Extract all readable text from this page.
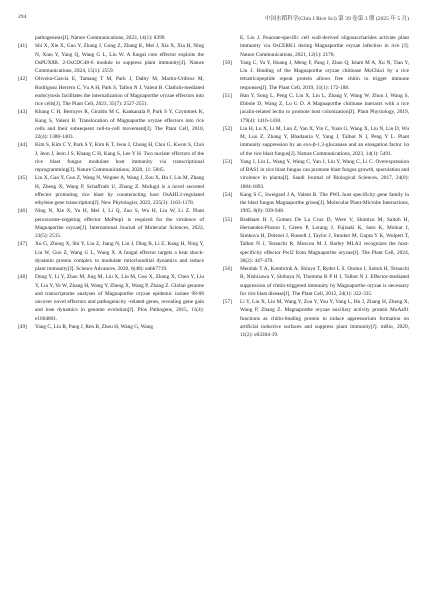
294	中国水稻科学(Chin J Rice Sci) 第 39 卷第 3 期 (2025 年 5 月)
pathogenesis[J]. Nature Communications, 2023, 14(1): 8399.
[41]	Shi X, Xie X, Guo Y, Zhang J, Gong Z, Zhang K, Mei J, Xia X, Xia H, Ning N, Xiao Y, Yang Q, Wang G L, Liu W. A fungal core effector exploits the OsPUX8B. 2-OsCDC48-6 module to suppress plant immunity[J]. Nature Communications, 2024, 15(1): 2559.
[42]	Oliveira-Garcia E, Tamang T M, Park J, Dalby M, Martin-Urdiroz M, Rodriguez Herrero C, Vu A H, Park S, Talbot N J, Valent B. Clathrin-mediated endocytosis facilitates the internalization of Magnaporthe oryzae effectors into rice cells[J]. The Plant Cell, 2023, 35(7): 2527-2551.
[43]	Khang C H, Berruyer R, Giraldo M C, Kankanala P, Park S Y, Czymmek K, Kang S, Valent B. Translocation of Magnaporthe oryzae effectors into rice cells and their subsequent cell-to-cell movement[J]. The Plant Cell, 2010, 22(4): 1388-1403.
[44]	Kim S, Kim C Y, Park S Y, Kim K T, Jeon J, Chung H, Choi G, Kwon S, Choi J, Jeon J, Jeon J S, Khang C H, Kang S, Lee Y H. Two nuclear effectors of the rice blast fungus modulate host immunity via transcriptional reprogramming[J]. Nature Communications, 2020, 11: 5845.
[45]	Liu X, Gao Y, Guo Z, Wang N, Wegner A, Wang J, Zou X, Hu J, Liu M, Zhang H, Zheng X, Wang P, Schaffrath U, Zhang Z. MoIug4 is a novel secreted effector promoting rice blast by counteracting host OsAHL1-regulated ethylene gene transcription[J]. New Phytologist, 2022, 235(3): 1163-1178.
[46]	Ning N, Xie X, Yu H, Mei J, Li Q, Zuo S, Wu H, Liu W, Li Z. Plant peroxisome-targeting effector MoPtep1 is required for the virulence of Magnaporthe oryzae[J]. International Journal of Molecular Sciences, 2022, 23(5): 2515.
[47]	Xu G, Zhong X, Shi Y, Liu Z, Jiang N, Liu J, Ding B, Li Z, Kang H, Ning Y, Liu W, Guo Z, Wang G L, Wang X. A fungal effector targets a heat shock-dynamin protein complex to modulate mitochondrial dynamics and reduce plant immunity[J]. Science Advances, 2020, 6(48): eabb7719.
[48]	Dong Y, Li Y, Zhao M, Jing M, Liu X, Liu M, Guo X, Zhang X, Chen Y, Liu Y, Liu Y, Ye W, Zhang H, Wang Y, Zheng X, Wang P, Zhang Z. Global genome and transcriptome analyses of Magnaporthe oryzae epidemic isolate 98-06 uncover novel effectors and pathogenicity -related genes, revealing gene gain and lose dynamics in genome evolution[J]. Plos Pathogens, 2015, 11(4): e1004801.
[49]	Yang C, Liu R, Pang J, Ren B, Zhou H, Wang G, Wang
E, Liu J. Poaceae-specific cell wall-derived oligosaccharides activate plant immunity via OsCERK1 during Magnaporthe oryzae infection in rice [J]. Nature Communications, 2021, 12(1): 2178.
[50]	Yang C, Yu Y, Huang J, Meng F, Pang J, Zhao Q, Islam M A, Xu N, Tian Y, Liu J. Binding of the Magnaporthe oryzae chitinase MoChia1 by a rice tetratricopeptide repeat protein allows free chitin to trigger immune responses[J]. The Plant Cell, 2019, 31(1): 172-188.
[51]	Han Y, Song L, Peng C, Liu X, Liu L, Zhang Y, Wang W, Zhou J, Wang S, Ebbole D, Wang Z, Lu G D. A Magnaporthe chitinase interacts with a rice jacalin-related lectin to promote host colonization[J]. Plant Physiology, 2019, 179(4): 1416-1430.
[52]	Liu H, Lu X, Li M, Lun Z, Yan X, Yin C, Yuan G, Wang X, Liu N, Liu D, Wu M, Luo Z, Zhang Y, Bhadauria V, Yang J, Talbot N J, Peng Y L. Plant immunity suppression by an exo-β-1,3-glucanase and an elongation factor 1α of the rice blast fungus[J]. Nature Communications, 2023, 14(1): 5491.
[53]	Yang J, Liu L, Wang Y, Wang C, Yan J, Liu Y, Wang C, Li C. Overexpression of BAS1 in rice blast fungus can promote blast fungus growth, sporulation and virulence in planta[J]. Saudi Journal of Biological Sciences, 2017, 24(8): 1884-1893.
[54]	Kang S C, Sweigard J A, Valent B. The PWL host specificity gene family in the blast fungus Magnaporthe grisea[J]. Molecular Plant-Microbe Interactions, 1995, 8(6): 939-948.
[55]	Brabham H J, Gomez De La Cruz D, Were V, Shimizu M, Saitoh H, Hernandez-Pinzon I, Green P, Lorang J, Fujisaki K, Sato K, Molnar I, Simkova H, Dolezel J, Russell J, Taylor J, Smoker M, Gupta Y K, Wolpert T, Talbot N J, Terauchi R, Moscou M J. Barley MLA3 recognizes the host-specificity effector Pwl2 from Magnaporthe oryzae[J]. The Plant Cell, 2024, 36(2): 447-470.
[56]	Mentlak T A, Kombrink A, Shinya T, Ryder L S, Otomo I, Saitoh H, Terauchi R, Nishizawa Y, Shibuya N, Thomma B P H J, Talbot N J. Effector-mediated suppression of chitin-triggered immunity by Magnaporthe oryzae is necessary for rice blast disease[J]. The Plant Cell, 2012, 24(1): 322-335.
[57]	Li Y, Liu X, Liu M, Wang Y, Zou Y, You Y, Yang L, Hu J, Zhang H, Zheng X, Wang P, Zhang Z. Magnaporthe oryzae auxiliary activity protein MoAa91 functions as chitin-binding protein to induce appressorium formation on artificial inductive surfaces and suppress plant immunity[J]. mBio, 2020, 11(2): e03304-19.
